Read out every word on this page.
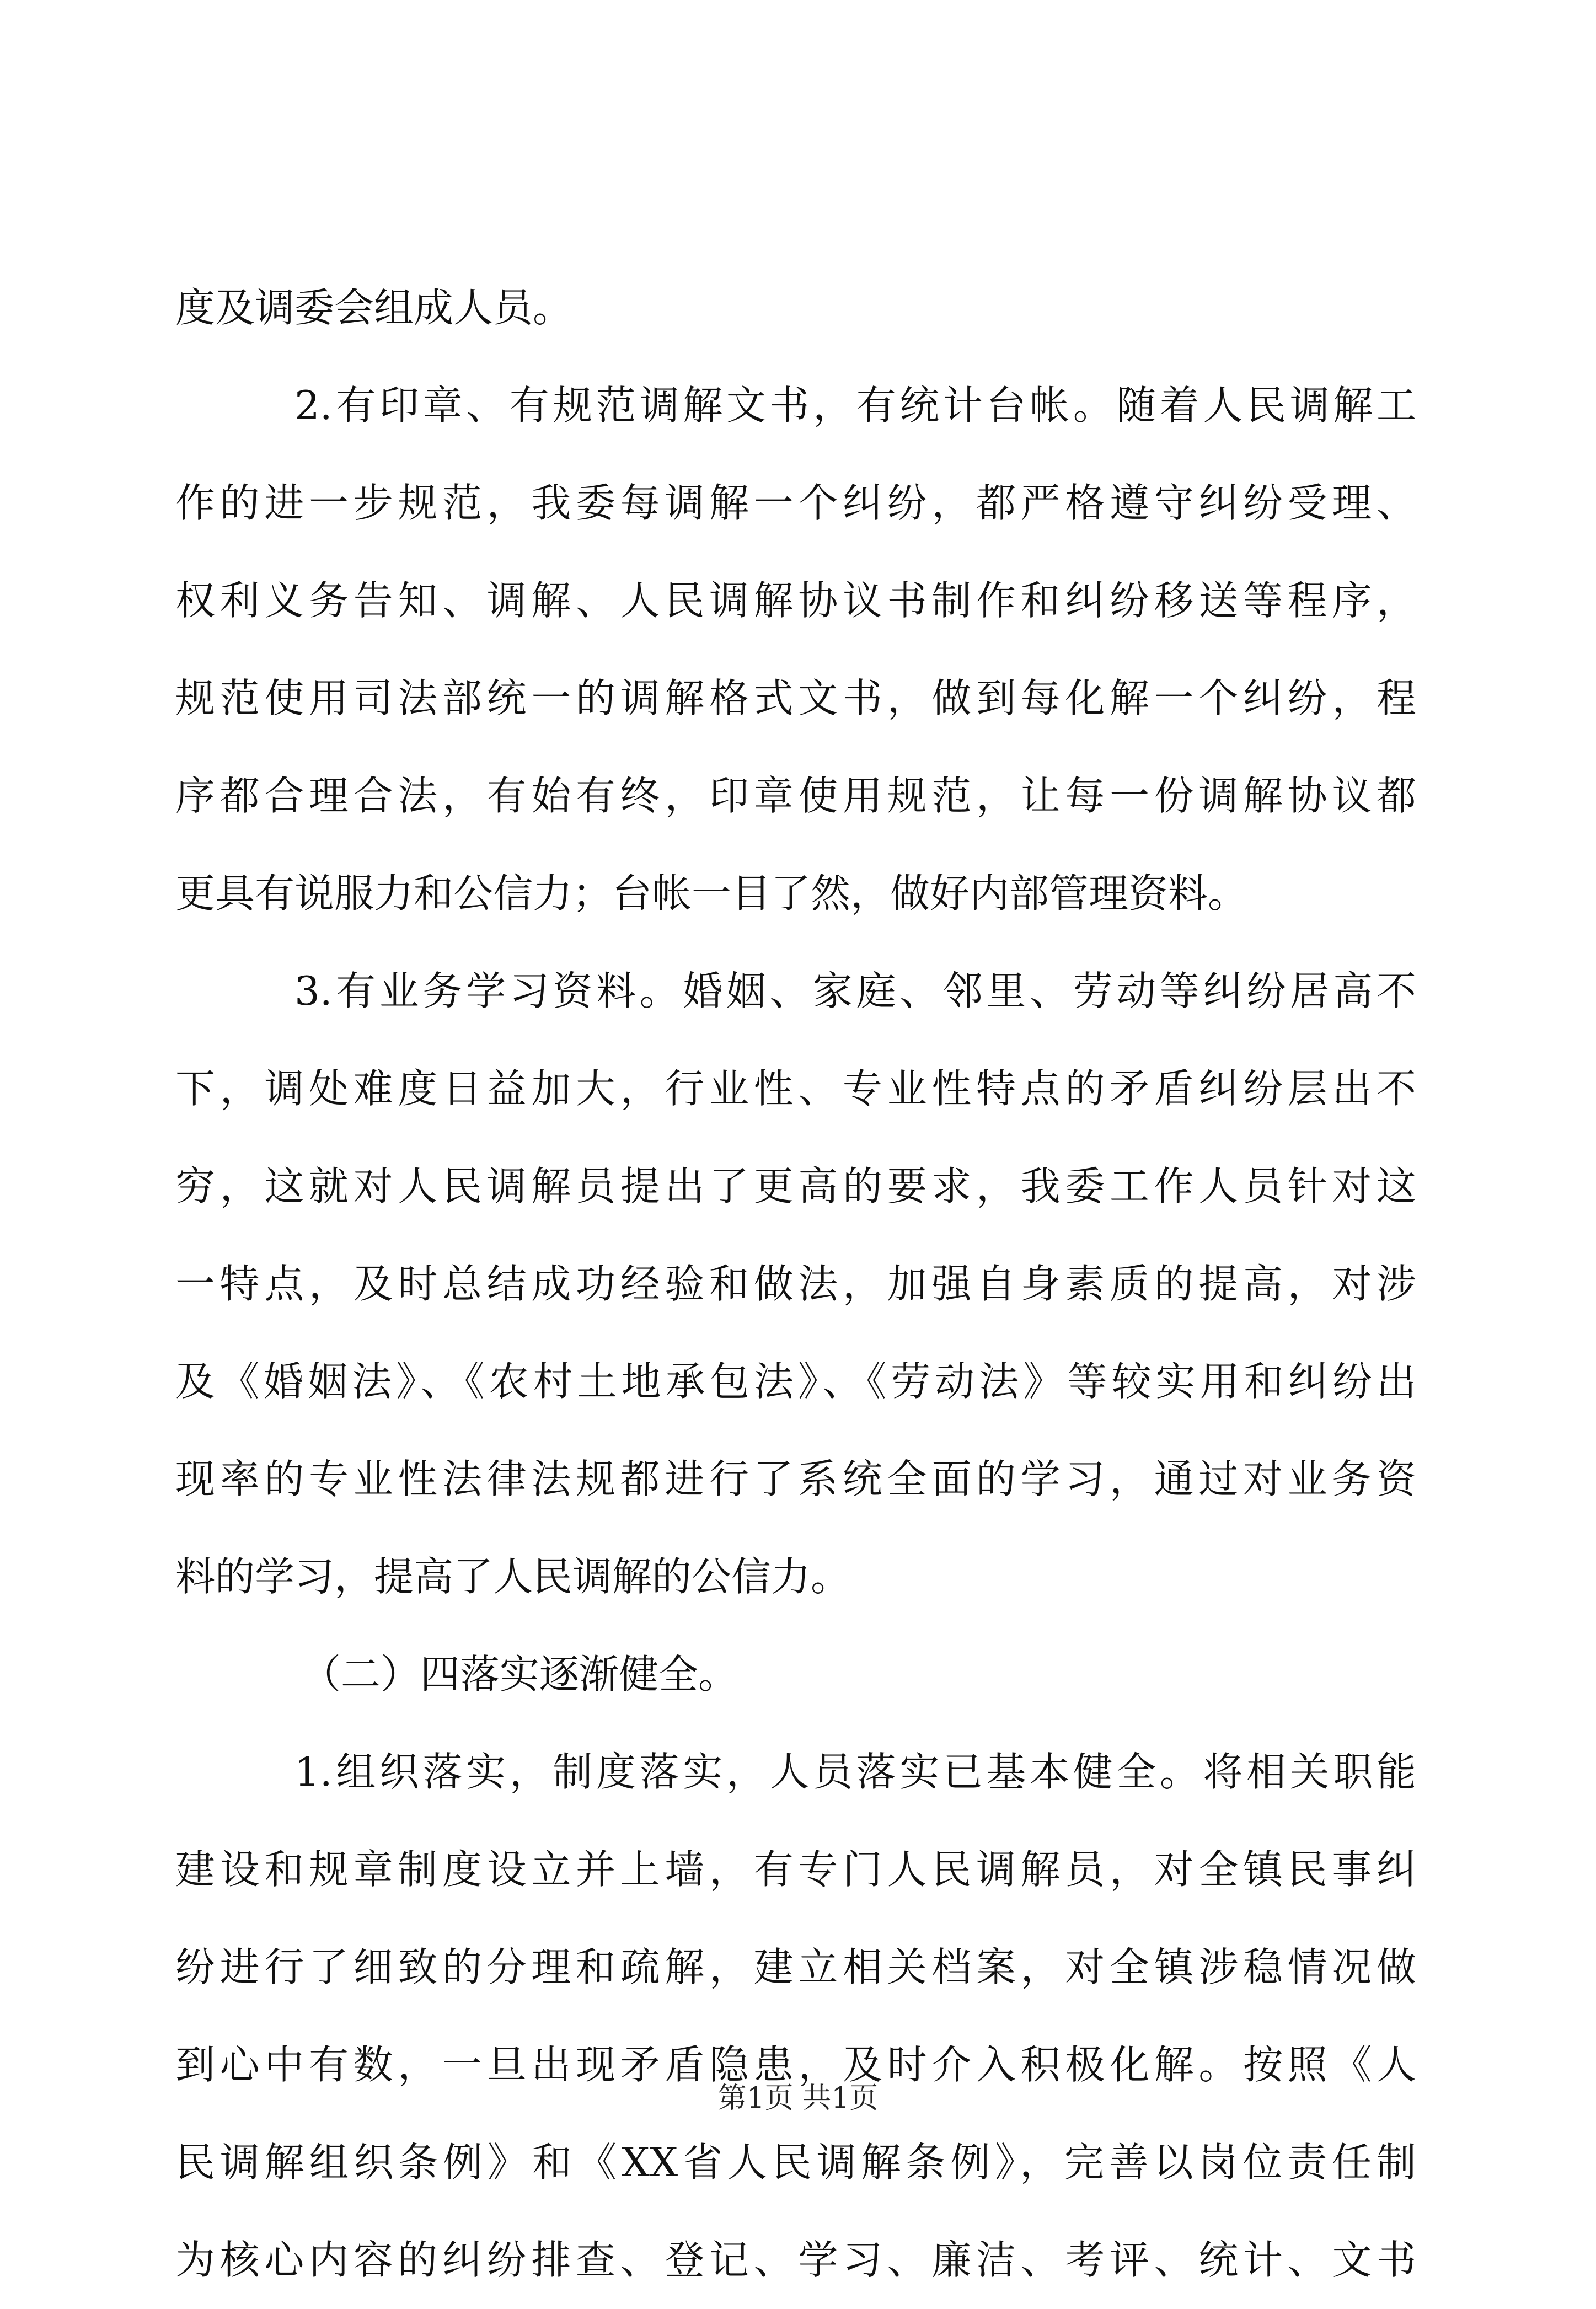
度及调委会组成人员。
2.有印章、有规范调解文书，有统计台帐。随着人民调解工
作的进一步规范，我委每调解一个纠纷，都严格遵守纠纷受理、
权利义务告知、调解、人民调解协议书制作和纠纷移送等程序，
规范使用司法部统一的调解格式文书，做到每化解一个纠纷，程
序都合理合法，有始有终，印章使用规范，让每一份调解协议都
更具有说服力和公信力；台帐一目了然，做好内部管理资料。
3.有业务学习资料。婚姻、家庭、邻里、劳动等纠纷居高不
下，调处难度日益加大，行业性、专业性特点的矛盾纠纷层出不
穷，这就对人民调解员提出了更高的要求，我委工作人员针对这
一特点，及时总结成功经验和做法，加强自身素质的提高，对涉
及《婚姻法》、《农村土地承包法》、《劳动法》等较实用和纠纷出
现率的专业性法律法规都进行了系统全面的学习，通过对业务资
料的学习，提高了人民调解的公信力。
（二）四落实逐渐健全。
1.组织落实，制度落实，人员落实已基本健全。将相关职能
建设和规章制度设立并上墙，有专门人民调解员，对全镇民事纠
纷进行了细致的分理和疏解，建立相关档案，对全镇涉稳情况做
到心中有数，一旦出现矛盾隐患，及时介入积极化解。按照《人
民调解组织条例》和《XX省人民调解条例》，完善以岗位责任制
为核心内容的纠纷排查、登记、学习、廉洁、考评、统计、文书
第1页 共1页
